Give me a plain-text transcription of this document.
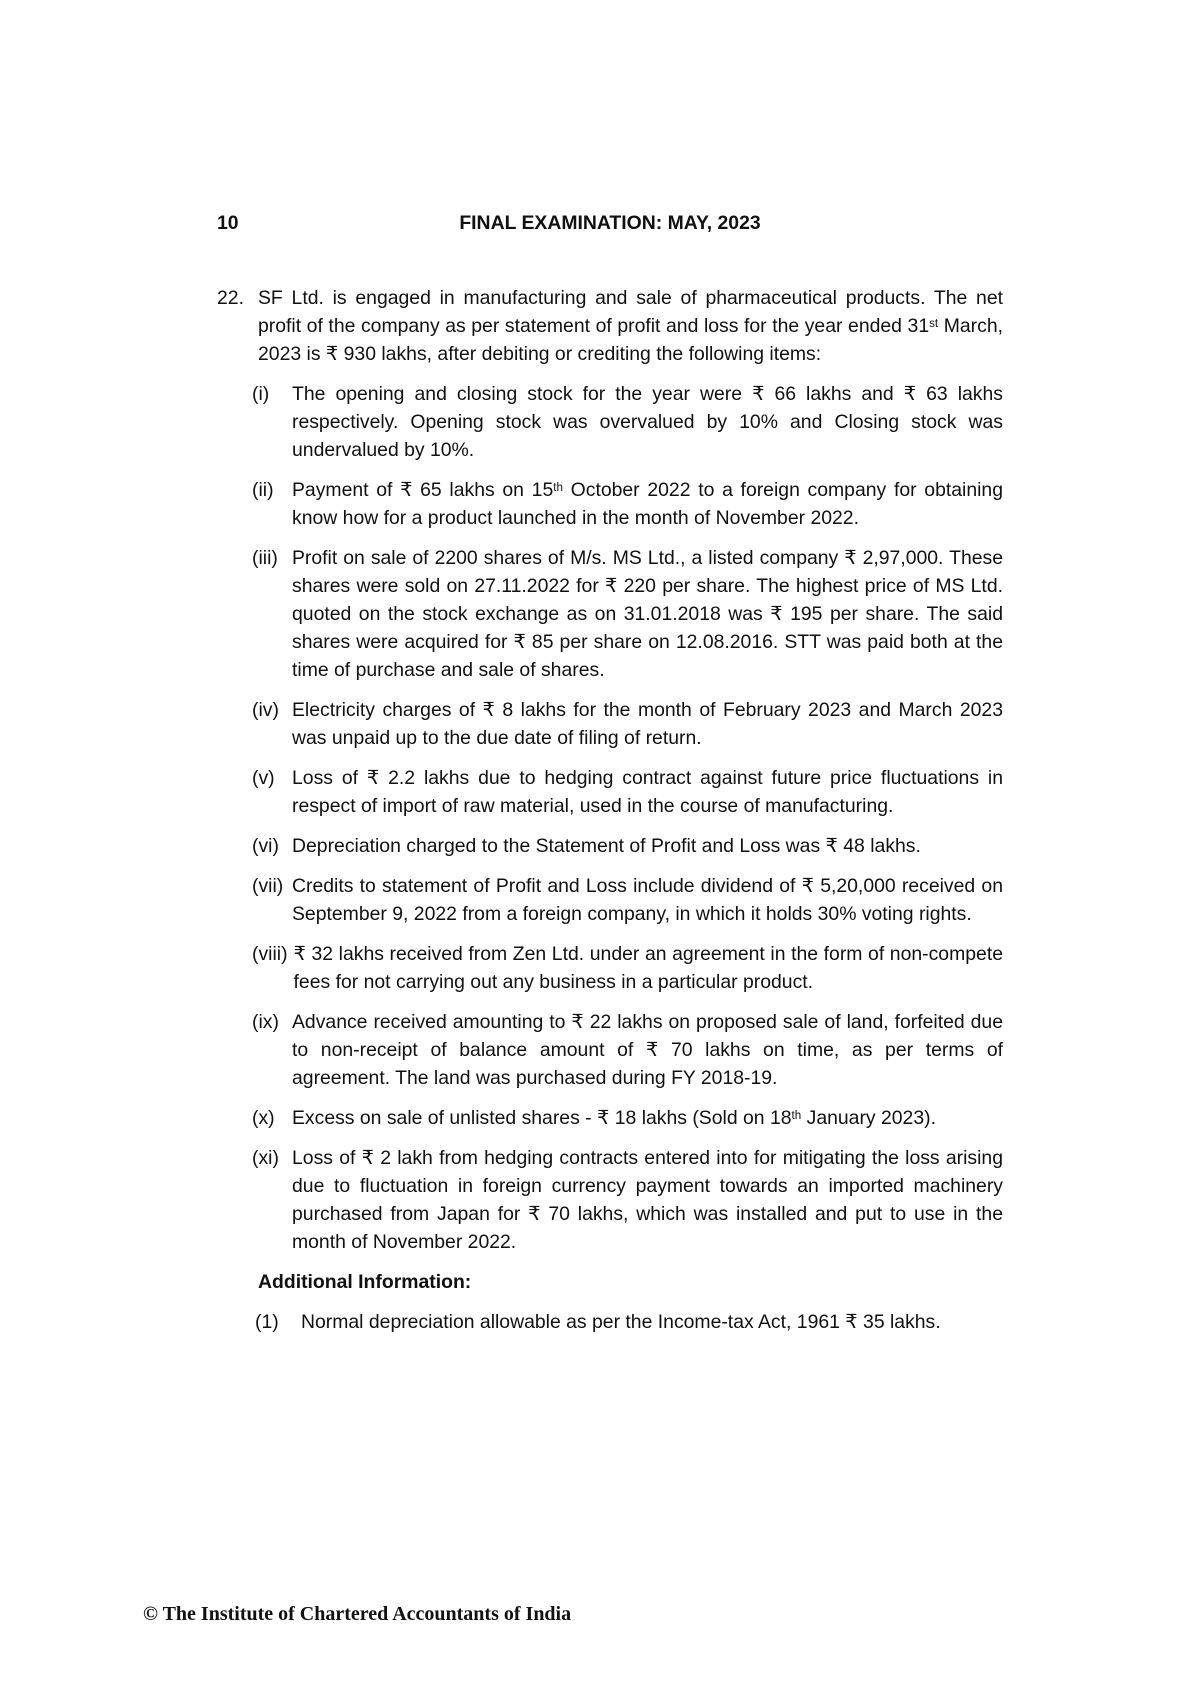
10	FINAL EXAMINATION: MAY, 2023
22. SF Ltd. is engaged in manufacturing and sale of pharmaceutical products. The net profit of the company as per statement of profit and loss for the year ended 31st March, 2023 is ₹ 930 lakhs, after debiting or crediting the following items:
(i)	The opening and closing stock for the year were ₹ 66 lakhs and ₹ 63 lakhs respectively. Opening stock was overvalued by 10% and Closing stock was undervalued by 10%.
(ii) Payment of ₹ 65 lakhs on 15th October 2022 to a foreign company for obtaining know how for a product launched in the month of November 2022.
(iii) Profit on sale of 2200 shares of M/s. MS Ltd., a listed company ₹ 2,97,000. These shares were sold on 27.11.2022 for ₹ 220 per share. The highest price of MS Ltd. quoted on the stock exchange as on 31.01.2018 was ₹ 195 per share. The said shares were acquired for ₹ 85 per share on 12.08.2016. STT was paid both at the time of purchase and sale of shares.
(iv) Electricity charges of ₹ 8 lakhs for the month of February 2023 and March 2023 was unpaid up to the due date of filing of return.
(v) Loss of ₹ 2.2 lakhs due to hedging contract against future price fluctuations in respect of import of raw material, used in the course of manufacturing.
(vi) Depreciation charged to the Statement of Profit and Loss was ₹ 48 lakhs.
(vii) Credits to statement of Profit and Loss include dividend of ₹ 5,20,000 received on September 9, 2022 from a foreign company, in which it holds 30% voting rights.
(viii) ₹ 32 lakhs received from Zen Ltd. under an agreement in the form of non-compete fees for not carrying out any business in a particular product.
(ix) Advance received amounting to ₹ 22 lakhs on proposed sale of land, forfeited due to non-receipt of balance amount of ₹ 70 lakhs on time, as per terms of agreement. The land was purchased during FY 2018-19.
(x) Excess on sale of unlisted shares - ₹ 18 lakhs (Sold on 18th January 2023).
(xi) Loss of ₹ 2 lakh from hedging contracts entered into for mitigating the loss arising due to fluctuation in foreign currency payment towards an imported machinery purchased from Japan for ₹ 70 lakhs, which was installed and put to use in the month of November 2022.
Additional Information:
(1)	Normal depreciation allowable as per the Income-tax Act, 1961 ₹ 35 lakhs.
© The Institute of Chartered Accountants of India
